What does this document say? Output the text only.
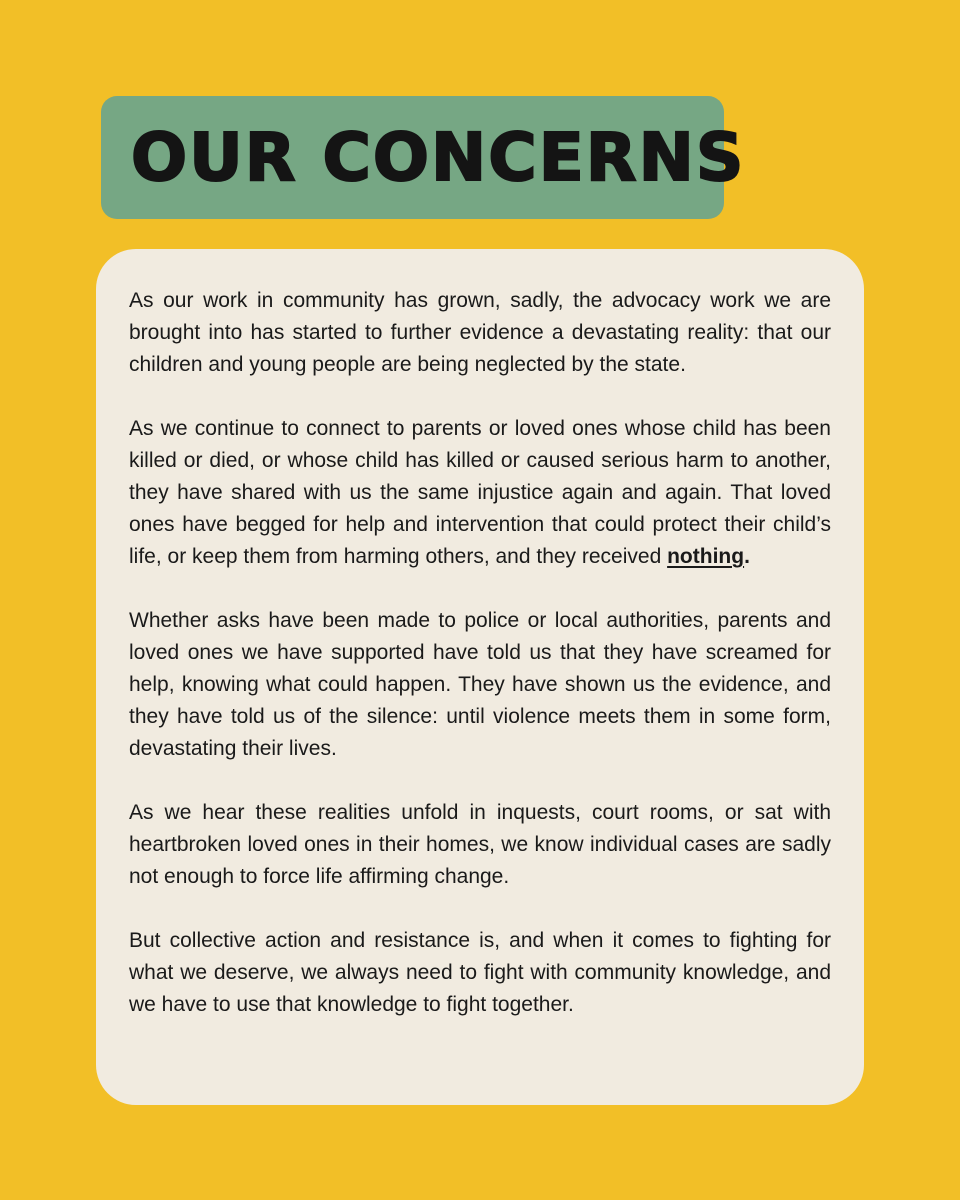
OUR CONCERNS

As our work in community has grown, sadly, the advocacy work we are brought into has started to further evidence a devastating reality: that our children and young people are being neglected by the state.

As we continue to connect to parents or loved ones whose child has been killed or died, or whose child has killed or caused serious harm to another, they have shared with us the same injustice again and again. That loved ones have begged for help and intervention that could protect their child’s life, or keep them from harming others, and they received nothing.

Whether asks have been made to police or local authorities, parents and loved ones we have supported have told us that they have screamed for help, knowing what could happen. They have shown us the evidence, and they have told us of the silence: until violence meets them in some form, devastating their lives.

As we hear these realities unfold in inquests, court rooms, or sat with heartbroken loved ones in their homes, we know individual cases are sadly not enough to force life affirming change.

But collective action and resistance is, and when it comes to fighting for what we deserve, we always need to fight with community knowledge, and we have to use that knowledge to fight together.
